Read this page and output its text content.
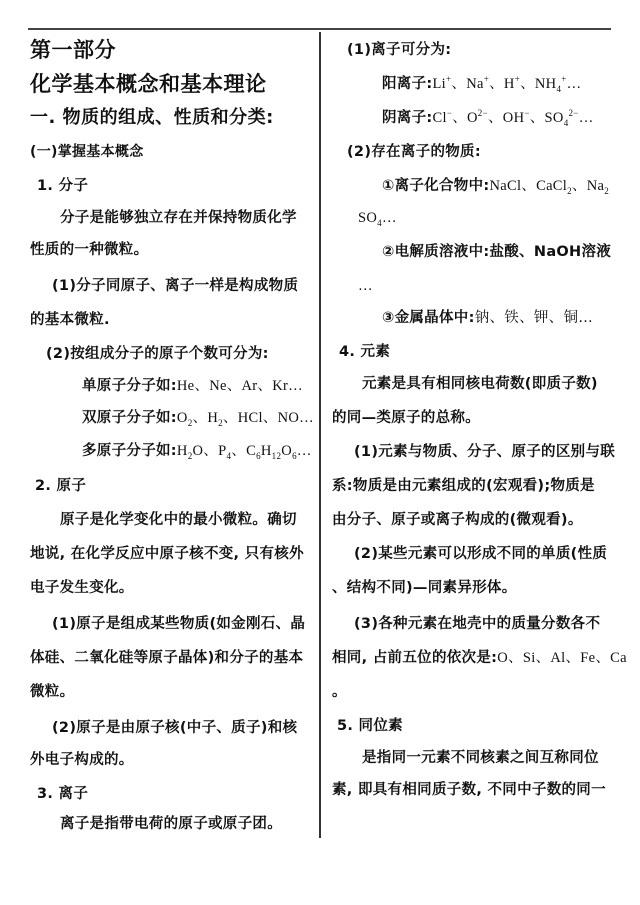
第一部分
化学基本概念和基本理论
一. 物质的组成、性质和分类:
(一)掌握基本概念
1. 分子
分子是能够独立存在并保持物质化学
性质的一种微粒。
(1)分子同原子、离子一样是构成物质
的基本微粒.
(2)按组成分子的原子个数可分为:
单原子分子如:He、Ne、Ar、Kr…
双原子分子如$:O_2$、$H_2$、HCl、NO…
多原子分子如$:H_2O$、$P_4$、$C_6H_{12}O_6\dots$
2. 原子
原子是化学变化中的最小微粒。确切
地说, 在化学反应中原子核不变, 只有核外
电子发生变化。
(1)原子是组成某些物质(如金刚石、晶
体硅、二氧化硅等原子晶体)和分子的基本
微粒。
(2)原子是由原子核(中子、质子)和核
外电子构成的。
3. 离子
离子是指带电荷的原子或原子团。
(1)离子可分为:
阳离子:Li+、Na+、H+、$NH_4^+\dots$
阴离子:Cl−、$O^{2-}$、OH−、$SO_4^{2-}\dots$
(2)存在离子的物质:
①离子化合物中:NaCl、CaCl$_2$、$Na_2$
$SO_4\dots$
②电解质溶液中:盐酸、NaOH溶液
…
③金属晶体中:钠、铁、钾、铜…
4. 元素
元素是具有相同核电荷数(即质子数)
的同—类原子的总称。
(1)元素与物质、分子、原子的区别与联
系:物质是由元素组成的(宏观看);物质是
由分子、原子或离子构成的(微观看)。
(2)某些元素可以形成不同的单质(性质
、结构不同)—同素异形体。
(3)各种元素在地壳中的质量分数各不
相同, 占前五位的依次是:O、Si、Al、Fe、Ca
。
5. 同位素
是指同一元素不同核素之间互称同位
素, 即具有相同质子数, 不同中子数的同一
